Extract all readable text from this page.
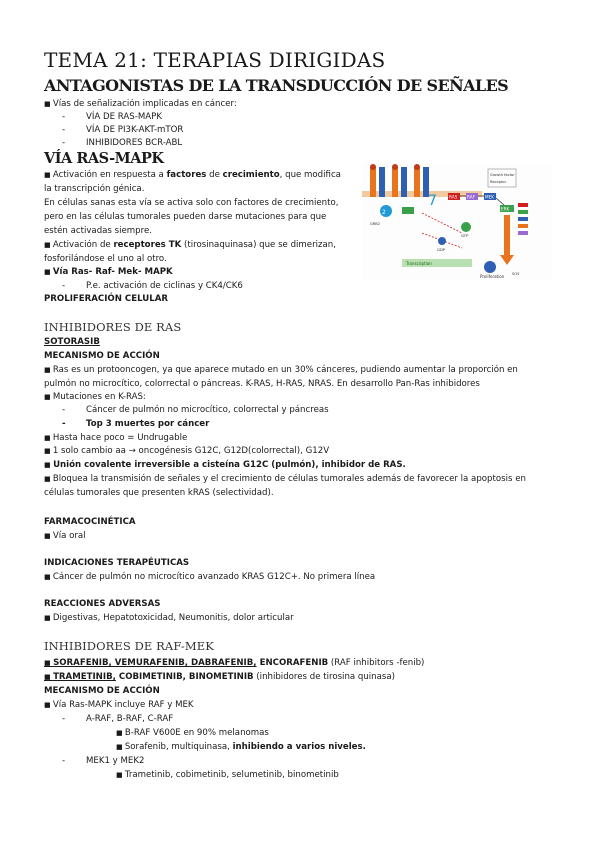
TEMA 21: TERAPIAS DIRIGIDAS
ANTAGONISTAS DE LA TRANSDUCCIÓN DE SEÑALES
■ Vías de señalización implicadas en cáncer:
- VÍA DE RAS-MAPK
- VÍA DE PI3K-AKT-mTOR
- INHIBIDORES BCR-ABL
VÍA RAS-MAPK
■ Activación en respuesta a factores de crecimiento, que modifica
la transcripción génica.
En células sanas esta vía se activa solo con factores de crecimiento,
pero en las células tumorales pueden darse mutaciones para que
estén activadas siempre.
■ Activación de receptores TK (tirosinaquinasa) que se dimerizan,
fosforilándose el uno al otro.
■ Vía Ras- Raf- Mek- MAPK
- P.e. activación de ciclinas y CK4/CK6
PROLIFERACIÓN CELULAR
7
2
Growth factor
Receptor
RAS RAF MEK
ERK
GTP
GDP
Transcription
Proliferation SOS
GRB2
INHIBIDORES DE RAS
SOTORASIB
MECANISMO DE ACCIÓN
■ Ras es un protooncogen, ya que aparece mutado en un 30% cánceres, pudiendo aumentar la proporción en
pulmón no microcítico, colorrectal o páncreas. K-RAS, H-RAS, NRAS. En desarrollo Pan-Ras inhibidores
■ Mutaciones en K-RAS:
- Cáncer de pulmón no microcítico, colorrectal y páncreas
- Top 3 muertes por cáncer
■ Hasta hace poco = Undrugable
■ 1 solo cambio aa → oncogénesis G12C, G12D(colorrectal), G12V
■ Unión covalente irreversible a cisteína G12C (pulmón), inhibidor de RAS.
■ Bloquea la transmisión de señales y el crecimiento de células tumorales además de favorecer la apoptosis en
células tumorales que presenten kRAS (selectividad).
FARMACOCINÉTICA
■ Vía oral
INDICACIONES TERAPÉUTICAS
■ Cáncer de pulmón no microcítico avanzado KRAS G12C+. No primera línea
REACCIONES ADVERSAS
■ Digestivas, Hepatotoxicidad, Neumonitis, dolor articular
INHIBIDORES DE RAF-MEK
■ SORAFENIB, VEMURAFENIB, DABRAFENIB, ENCORAFENIB (RAF inhibitors -fenib)
■ TRAMETINIB, COBIMETINIB, BINOMETINIB (inhibidores de tirosina quinasa)
MECANISMO DE ACCIÓN
■ Vía Ras-MAPK incluye RAF y MEK
- A-RAF, B-RAF, C-RAF
■ B-RAF V600E en 90% melanomas
■ Sorafenib, multiquinasa, inhibiendo a varios niveles.
- MEK1 y MEK2
■ Trametinib, cobimetinib, selumetinib, binometinib
